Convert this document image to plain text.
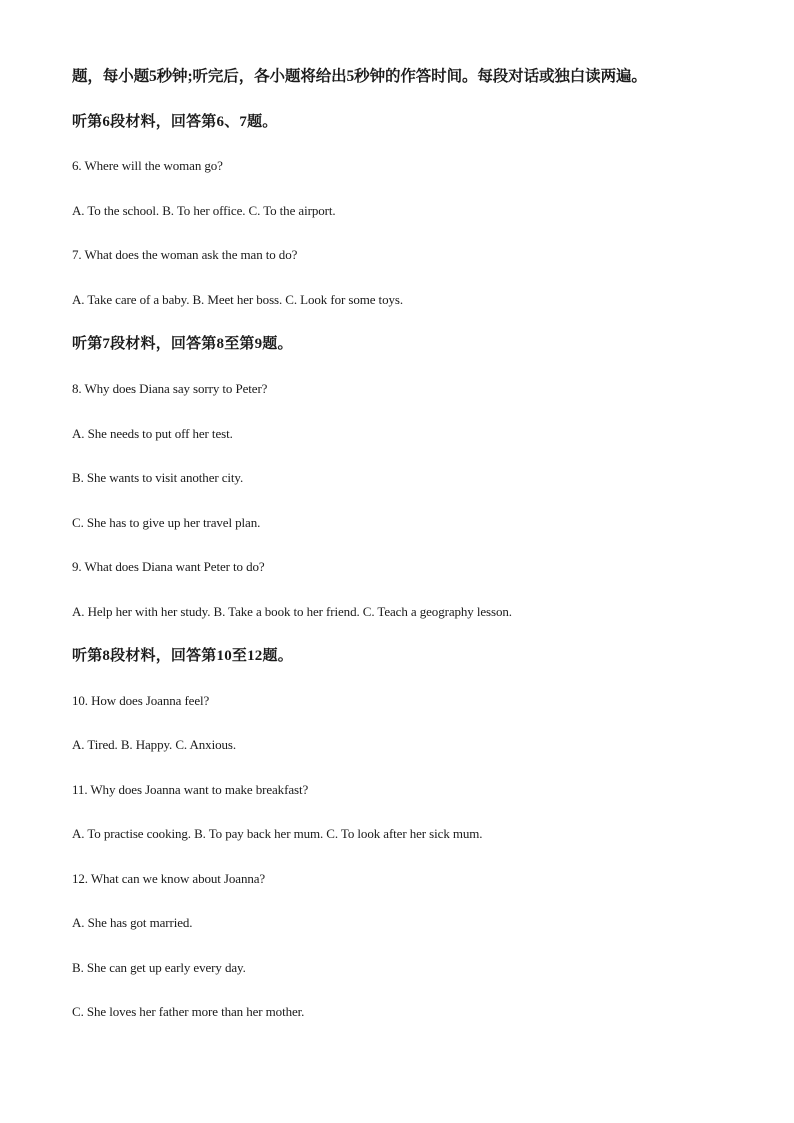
题，每小题5秒钟;听完后，各小题将给出5秒钟的作答时间。每段对话或独白读两遍。
听第6段材料，回答第6、7题。
6. Where will the woman go?
A. To the school. B. To her office. C. To the airport.
7. What does the woman ask the man to do?
A. Take care of a baby. B. Meet her boss. C. Look for some toys.
听第7段材料，回答第8至第9题。
8. Why does Diana say sorry to Peter?
A. She needs to put off her test.
B. She wants to visit another city.
C. She has to give up her travel plan.
9. What does Diana want Peter to do?
A. Help her with her study. B. Take a book to her friend. C. Teach a geography lesson.
听第8段材料，回答第10至12题。
10. How does Joanna feel?
A. Tired. B. Happy. C. Anxious.
11. Why does Joanna want to make breakfast?
A. To practise cooking. B. To pay back her mum. C. To look after her sick mum.
12. What can we know about Joanna?
A. She has got married.
B. She can get up early every day.
C. She loves her father more than her mother.
